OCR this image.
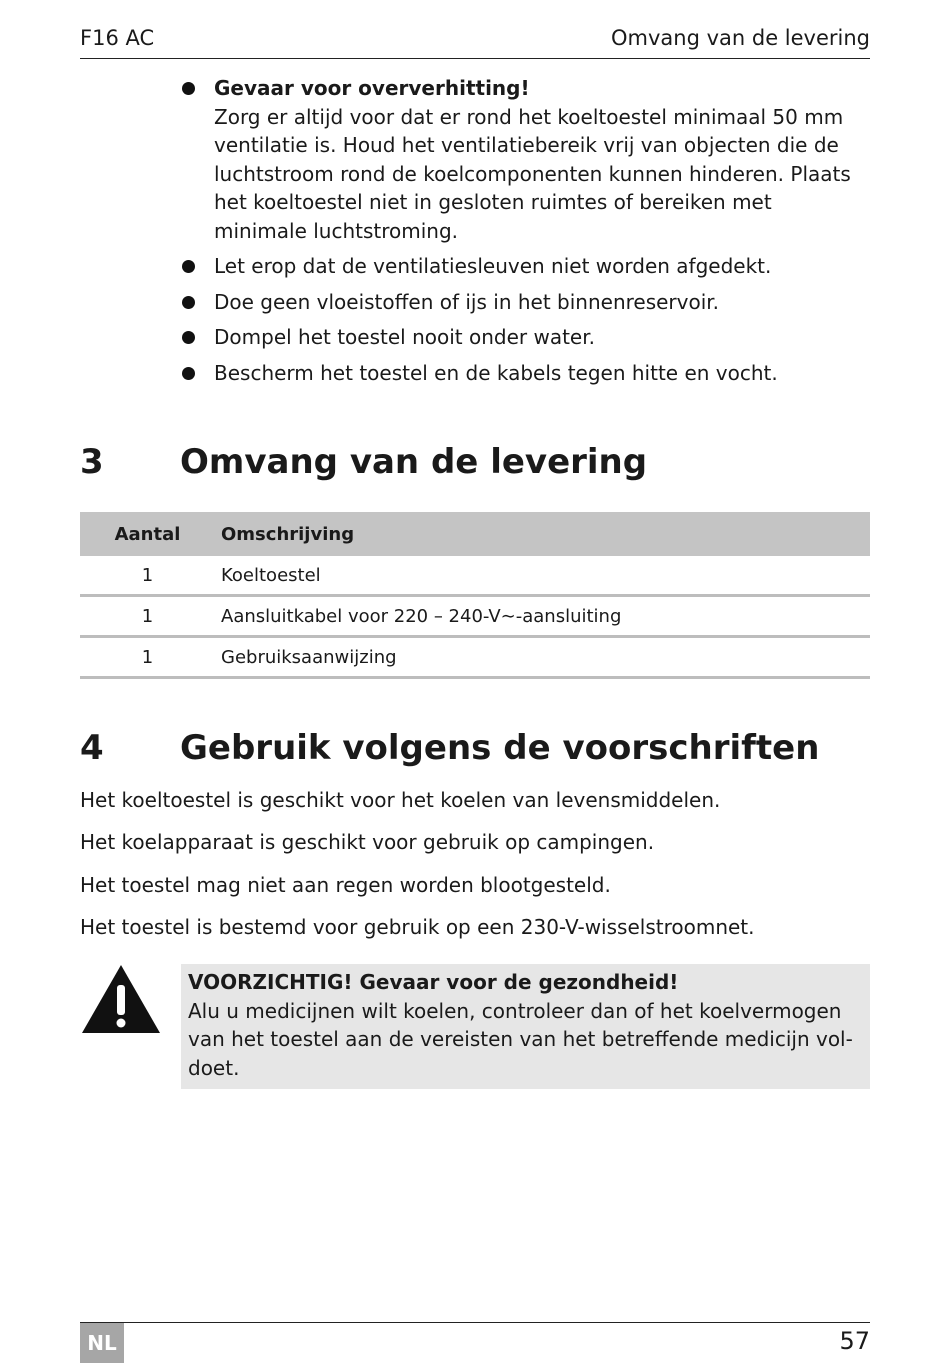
F16 AC	Omvang van de levering
Gevaar voor oververhitting!
Zorg er altijd voor dat er rond het koeltoestel minimaal 50 mm ventilatie is. Houd het ventilatiebereik vrij van objecten die de luchtstroom rond de koelcomponenten kunnen hinderen. Plaats het koeltoestel niet in gesloten ruimtes of bereiken met minimale luchtstroming.
Let erop dat de ventilatiesleuven niet worden afgedekt.
Doe geen vloeistoffen of ijs in het binnenreservoir.
Dompel het toestel nooit onder water.
Bescherm het toestel en de kabels tegen hitte en vocht.
3 Omvang van de levering
Aantal	Omschrijving
1	Koeltoestel
1	Aansluitkabel voor 220 – 240-V∼-aansluiting
1	Gebruiksaanwijzing
4 Gebruik volgens de voorschriften
Het koeltoestel is geschikt voor het koelen van levensmiddelen.
Het koelapparaat is geschikt voor gebruik op campingen.
Het toestel mag niet aan regen worden blootgesteld.
Het toestel is bestemd voor gebruik op een 230-V-wisselstroomnet.
VOORZICHTIG! Gevaar voor de gezondheid!
Alu u medicijnen wilt koelen, controleer dan of het koelvermogen van het toestel aan de vereisten van het betreffende medicijn vol-doet.
NL	57
